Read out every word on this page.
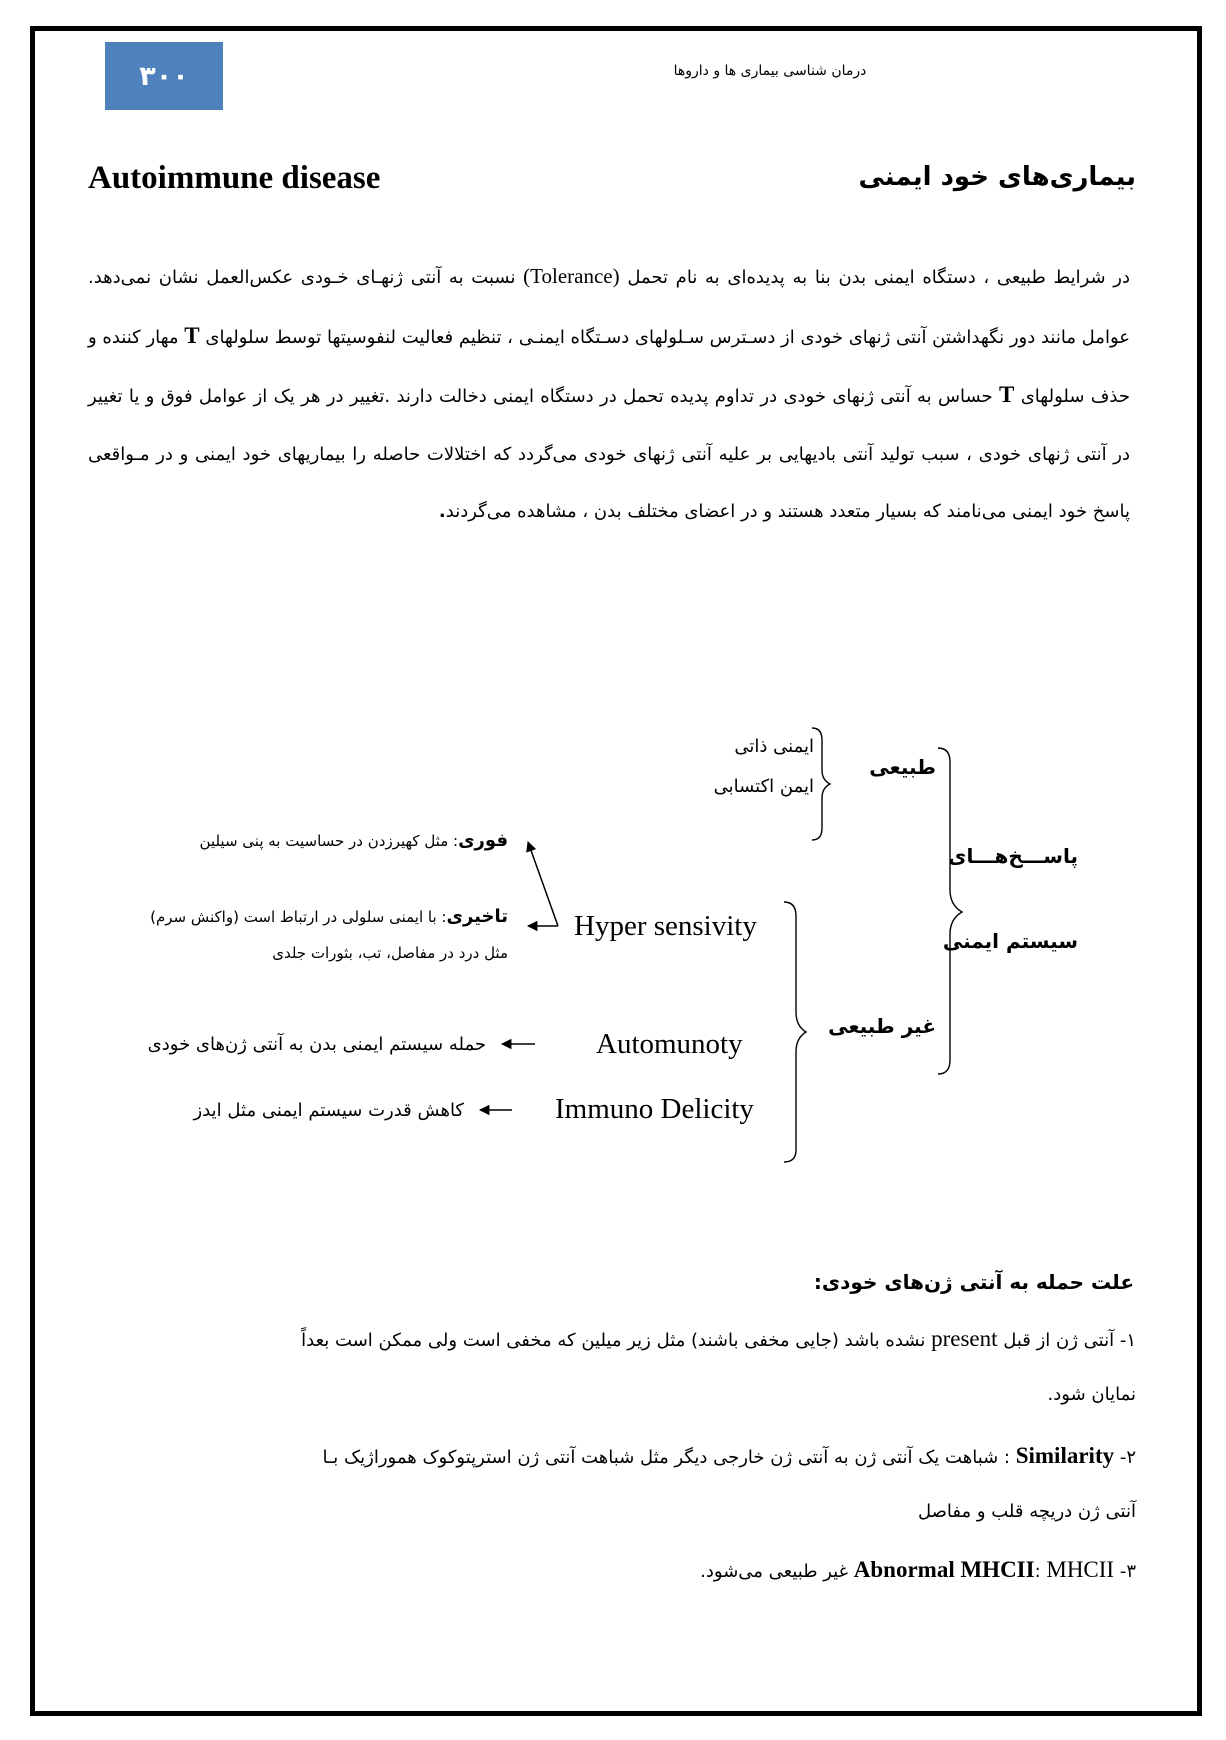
۳۰۰	درمان شناسی بیماری ها و داروها
Autoimmune disease	بیماری‌های خود ایمنی
در شرایط طبیعی ، دستگاه ایمنی بدن بنا به پدیده‌ای به نام تحمل (Tolerance) نسبت به آنتی ژنهـای خـودی عکس‌العمل نشان نمی‌دهد. عوامل مانند دور نگهداشتن آنتی ژنهای خودی از دسـترس سـلولهای دسـتگاه ایمنـی ، تنظیم فعالیت لنفوسیتها توسط سلولهای T مهار کننده و حذف سلولهای T حساس به آنتی ژنهای خودی در تداوم پدیده تحمل در دستگاه ایمنی دخالت دارند .تغییر در هر یک از عوامل فوق و یا تغییر در آنتی ژنهای خودی ، سبب تولید آنتی بادیهایی بر علیه آنتی ژنهای خودی می‌گردد که اختلالات حاصله را بیماریهای خود ایمنی و در مـواقعی پاسخ خود ایمنی می‌نامند که بسیار متعدد هستند و در اعضای مختلف بدن ، مشاهده می‌گردند.
ایمنی ذاتی
ایمن اکتسابی
طبیعی
پاســـخ‌هـــای
سیستم ایمنی
غیر طبیعی
Hyper sensivity
Automunoty
Immuno Delicity
فوری: مثل کهیرزدن در حساسیت به پنی سیلین
تاخیری: با ایمنی سلولی در ارتباط است (واکنش سرم)
مثل درد در مفاصل، تب، بثورات جلدی
حمله سیستم ایمنی بدن به آنتی ژن‌های خودی
کاهش قدرت سیستم ایمنی مثل ایدز
علت حمله به آنتی ژن‌های خودی:
۱- آنتی ژن از قبل present نشده باشد (جایی مخفی باشند) مثل زیر میلین که مخفی است ولی ممکن است بعداً
نمایان شود.
۲- Similarity : شباهت یک آنتی ژن به آنتی ژن خارجی دیگر مثل شباهت آنتی ژن استرپتوکوک همورا‌ژیک بـا
آنتی ژن دریچه قلب و مفاصل
۳- Abnormal MHCII: MHCII غیر طبیعی می‌شود.
